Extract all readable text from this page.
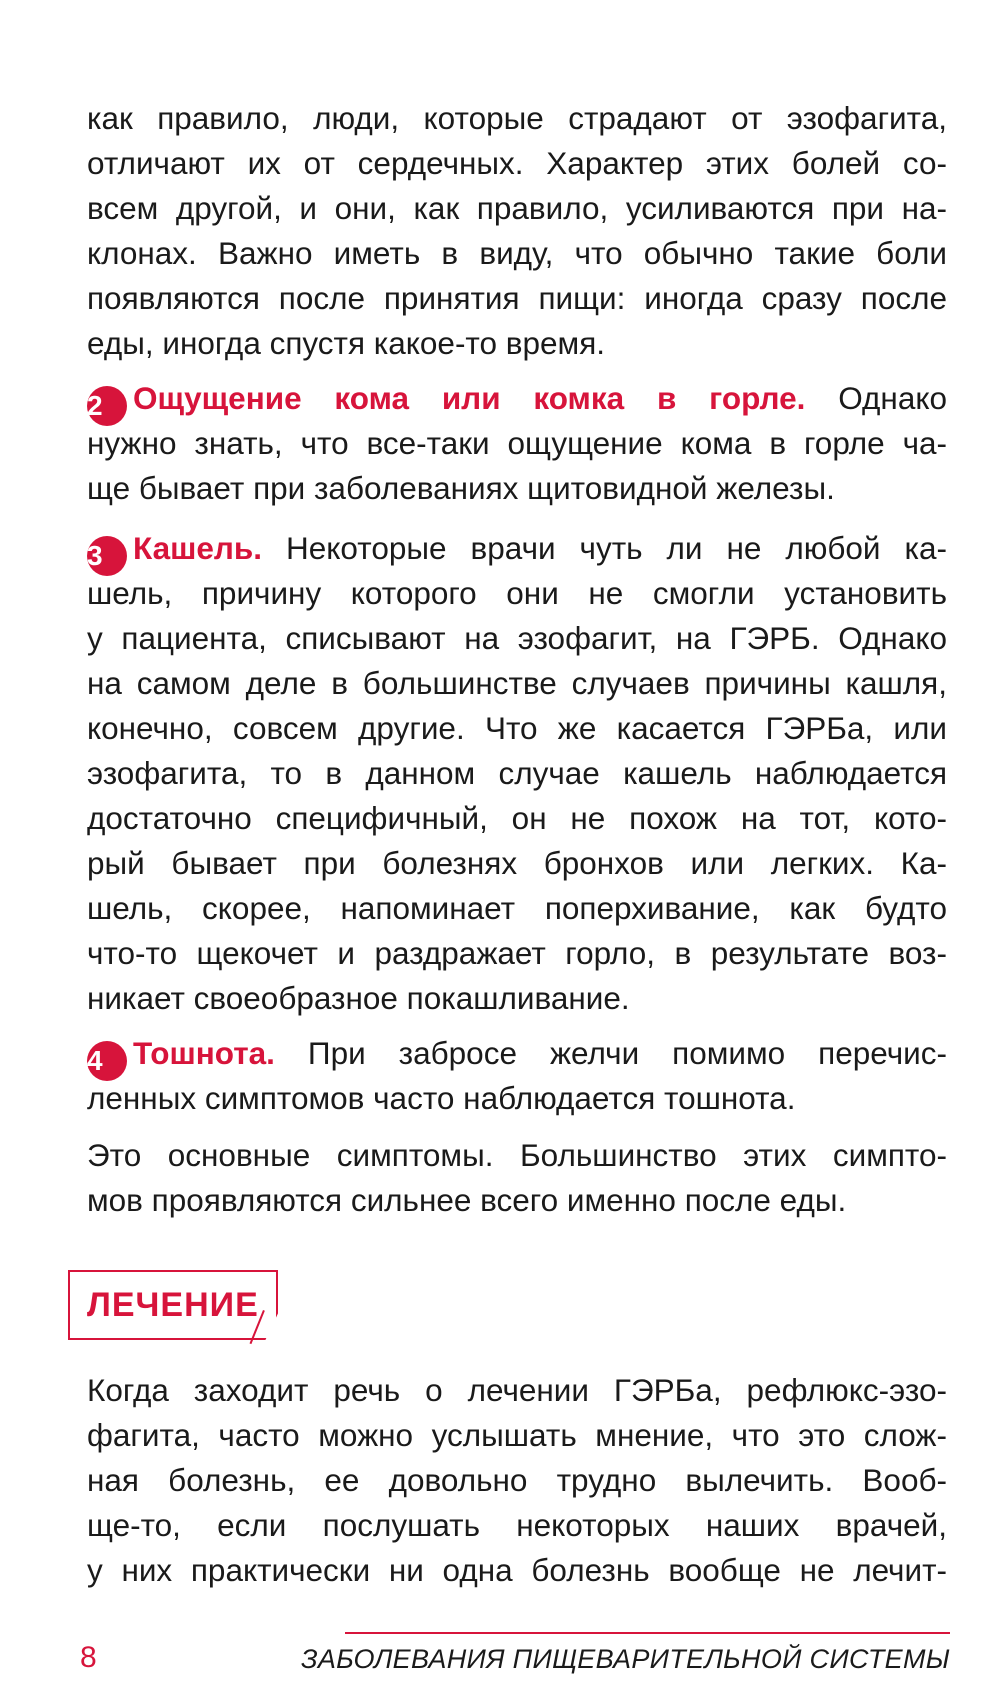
как правило, люди, которые страдают от эзофагита,
отличают их от сердечных. Характер этих болей со-
всем другой, и они, как правило, усиливаются при на-
клонах. Важно иметь в виду, что обычно такие боли
появляются после принятия пищи: иногда сразу после
еды, иногда спустя какое-то время.
2 Ощущение кома или комка в горле. Однако
нужно знать, что все-таки ощущение кома в горле ча-
ще бывает при заболеваниях щитовидной железы.
3 Кашель. Некоторые врачи чуть ли не любой ка-
шель, причину которого они не смогли установить
у пациента, списывают на эзофагит, на ГЭРБ. Однако
на самом деле в большинстве случаев причины кашля,
конечно, совсем другие. Что же касается ГЭРБа, или
эзофагита, то в данном случае кашель наблюдается
достаточно специфичный, он не похож на тот, кото-
рый бывает при болезнях бронхов или легких. Ка-
шель, скорее, напоминает поперхивание, как будто
что-то щекочет и раздражает горло, в результате воз-
никает своеобразное покашливание.
4 Тошнота. При забросе желчи помимо перечис-
ленных симптомов часто наблюдается тошнота.
Это основные симптомы. Большинство этих симпто-
мов проявляются сильнее всего именно после еды.
ЛЕЧЕНИЕ
Когда заходит речь о лечении ГЭРБа, рефлюкс-эзо-
фагита, часто можно услышать мнение, что это слож-
ная болезнь, ее довольно трудно вылечить. Вооб-
ще-то, если послушать некоторых наших врачей,
у них практически ни одна болезнь вообще не лечит-
8	ЗАБОЛЕВАНИЯ ПИЩЕВАРИТЕЛЬНОЙ СИСТЕМЫ
